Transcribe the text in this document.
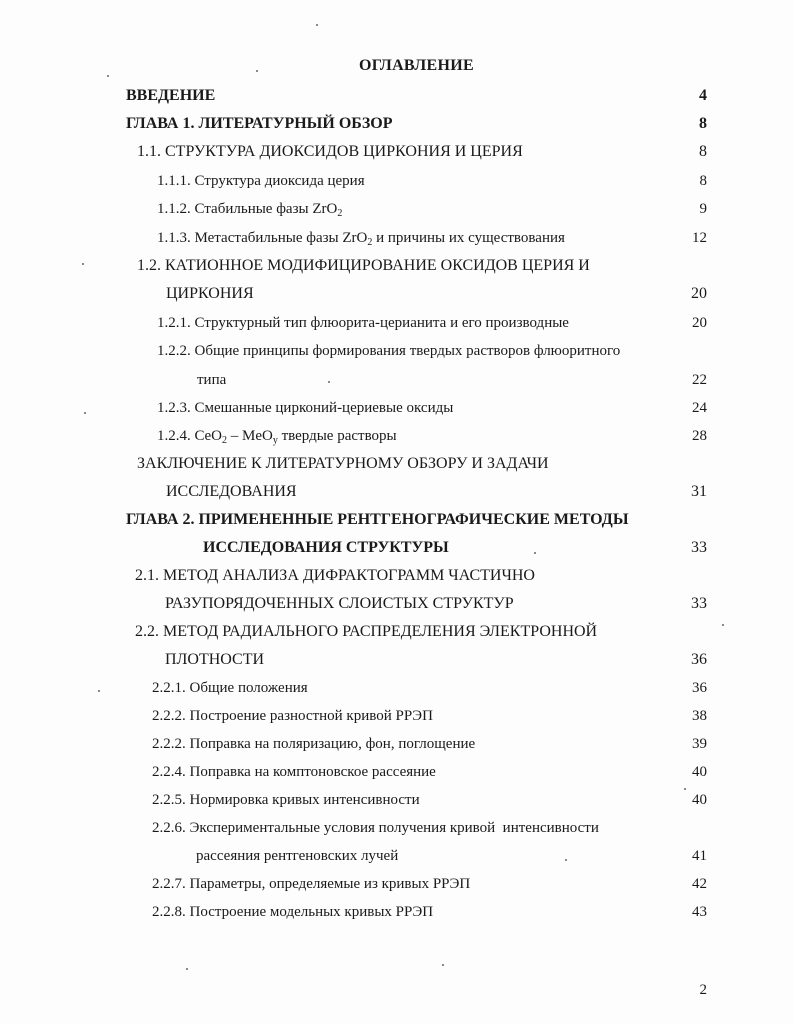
ОГЛАВЛЕНИЕ
ВВЕДЕНИЕ	4
ГЛАВА 1. ЛИТЕРАТУРНЫЙ ОБЗОР	8
1.1. СТРУКТУРА ДИОКСИДОВ ЦИРКОНИЯ И ЦЕРИЯ	8
1.1.1. Структура диоксида церия	8
1.1.2. Стабильные фазы ZrO$_2$	9
1.1.3. Метастабильные фазы ZrO$_2$ и причины их существования	12
1.2. КАТИОННОЕ МОДИФИЦИРОВАНИЕ ОКСИДОВ ЦЕРИЯ И
ЦИРКОНИЯ	20
1.2.1. Структурный тип флюорита-церианита и его производные	20
1.2.2. Общие принципы формирования твердых растворов флюоритного
типа	22
1.2.3. Смешанные цирконий-цериевые оксиды	24
1.2.4. CeO$_2$ – MeO$_y$ твердые растворы	28
ЗАКЛЮЧЕНИЕ К ЛИТЕРАТУРНОМУ ОБЗОРУ И ЗАДАЧИ
ИССЛЕДОВАНИЯ	31
ГЛАВА 2. ПРИМЕНЕННЫЕ РЕНТГЕНОГРАФИЧЕСКИЕ МЕТОДЫ
ИССЛЕДОВАНИЯ СТРУКТУРЫ	33
2.1. МЕТОД АНАЛИЗА ДИФРАКТОГРАММ ЧАСТИЧНО
РАЗУПОРЯДОЧЕННЫХ СЛОИСТЫХ СТРУКТУР	33
2.2. МЕТОД РАДИАЛЬНОГО РАСПРЕДЕЛЕНИЯ ЭЛЕКТРОННОЙ
ПЛОТНОСТИ	36
2.2.1. Общие положения	36
2.2.2. Построение разностной кривой РРЭП	38
2.2.2. Поправка на поляризацию, фон, поглощение	39
2.2.4. Поправка на комптоновское рассеяние	40
2.2.5. Нормировка кривых интенсивности	40
2.2.6. Экспериментальные условия получения кривой  интенсивности
рассеяния рентгеновских лучей	41
2.2.7. Параметры, определяемые из кривых РРЭП	42
2.2.8. Построение модельных кривых РРЭП	43
2
